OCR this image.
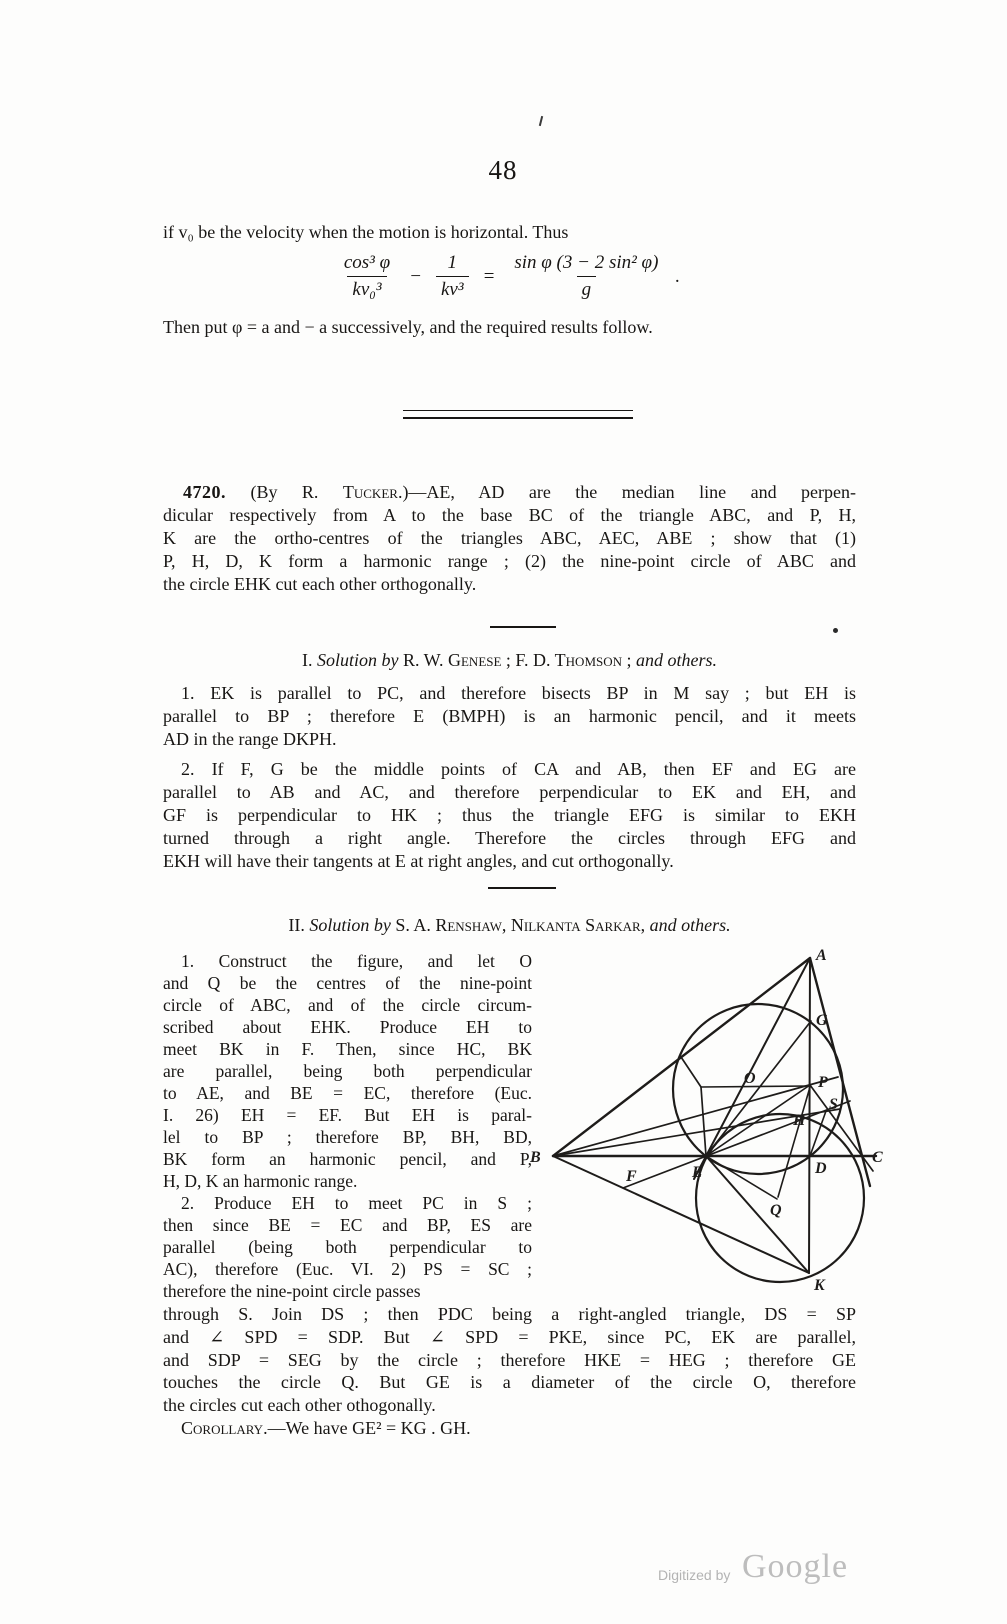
48
if v₀ be the velocity when the motion is horizontal. Thus
$\frac{\text{cos³ φ}}{\text{kv₀³}} - \frac{1}{\text{kv³}} = \frac{\text{sin φ (3 − 2 sin² φ)}}{g}$ .
Then put φ = a and − a successively, and the required results follow.
4720. (By R. Tucker.)—AE, AD are the median line and perpen-
dicular respectively from A to the base BC of the triangle ABC, and P, H,
K are the ortho-centres of the triangles ABC, AEC, ABE ; show that (1)
P, H, D, K form a harmonic range ; (2) the nine-point circle of ABC and
the circle EHK cut each other orthogonally.
I. Solution by R. W. Genese ; F. D. Thomson ; and others.
1. EK is parallel to PC, and therefore bisects BP in M say ; but EH is
parallel to BP ; therefore E (BMPH) is an harmonic pencil, and it meets
AD in the range DKPH.
2. If F, G be the middle points of CA and AB, then EF and EG are
parallel to AB and AC, and therefore perpendicular to EK and EH, and
GF is perpendicular to HK ; thus the triangle EFG is similar to EKH
turned through a right angle. Therefore the circles through EFG and
EKH will have their tangents at E at right angles, and cut orthogonally.
II. Solution by S. A. Renshaw, Nilkanta Sarkar, and others.
1. Construct the figure, and let O
and Q be the centres of the nine-point
circle of ABC, and of the circle circum-
scribed about EHK. Produce EH to
meet BK in F. Then, since HC, BK
are parallel, being both perpendicular
to AE, and BE = EC, therefore (Euc.
I. 26) EH = EF. But EH is paral-
lel to BP ; therefore BP, BH, BD,
BK form an harmonic pencil, and P,
H, D, K an harmonic range.
2. Produce EH to meet PC in S ;
then since BE = EC and BP, ES are
parallel (being both perpendicular to
AC), therefore (Euc. VI. 2) PS = SC ;
therefore the nine-point circle passes
A
B	C
D
E
F
G
H
K
O	P
Q
S
through S. Join DS ; then PDC being a right-angled triangle, DS = SP
and ∠ SPD = SDP. But ∠ SPD = PKE, since PC, EK are parallel,
and SDP = SEG by the circle ; therefore HKE = HEG ; therefore GE
touches the circle Q. But GE is a diameter of the circle O, therefore
the circles cut each other othogonally.
Corollary.—We have GE² = KG . GH.
Digitized by Google
